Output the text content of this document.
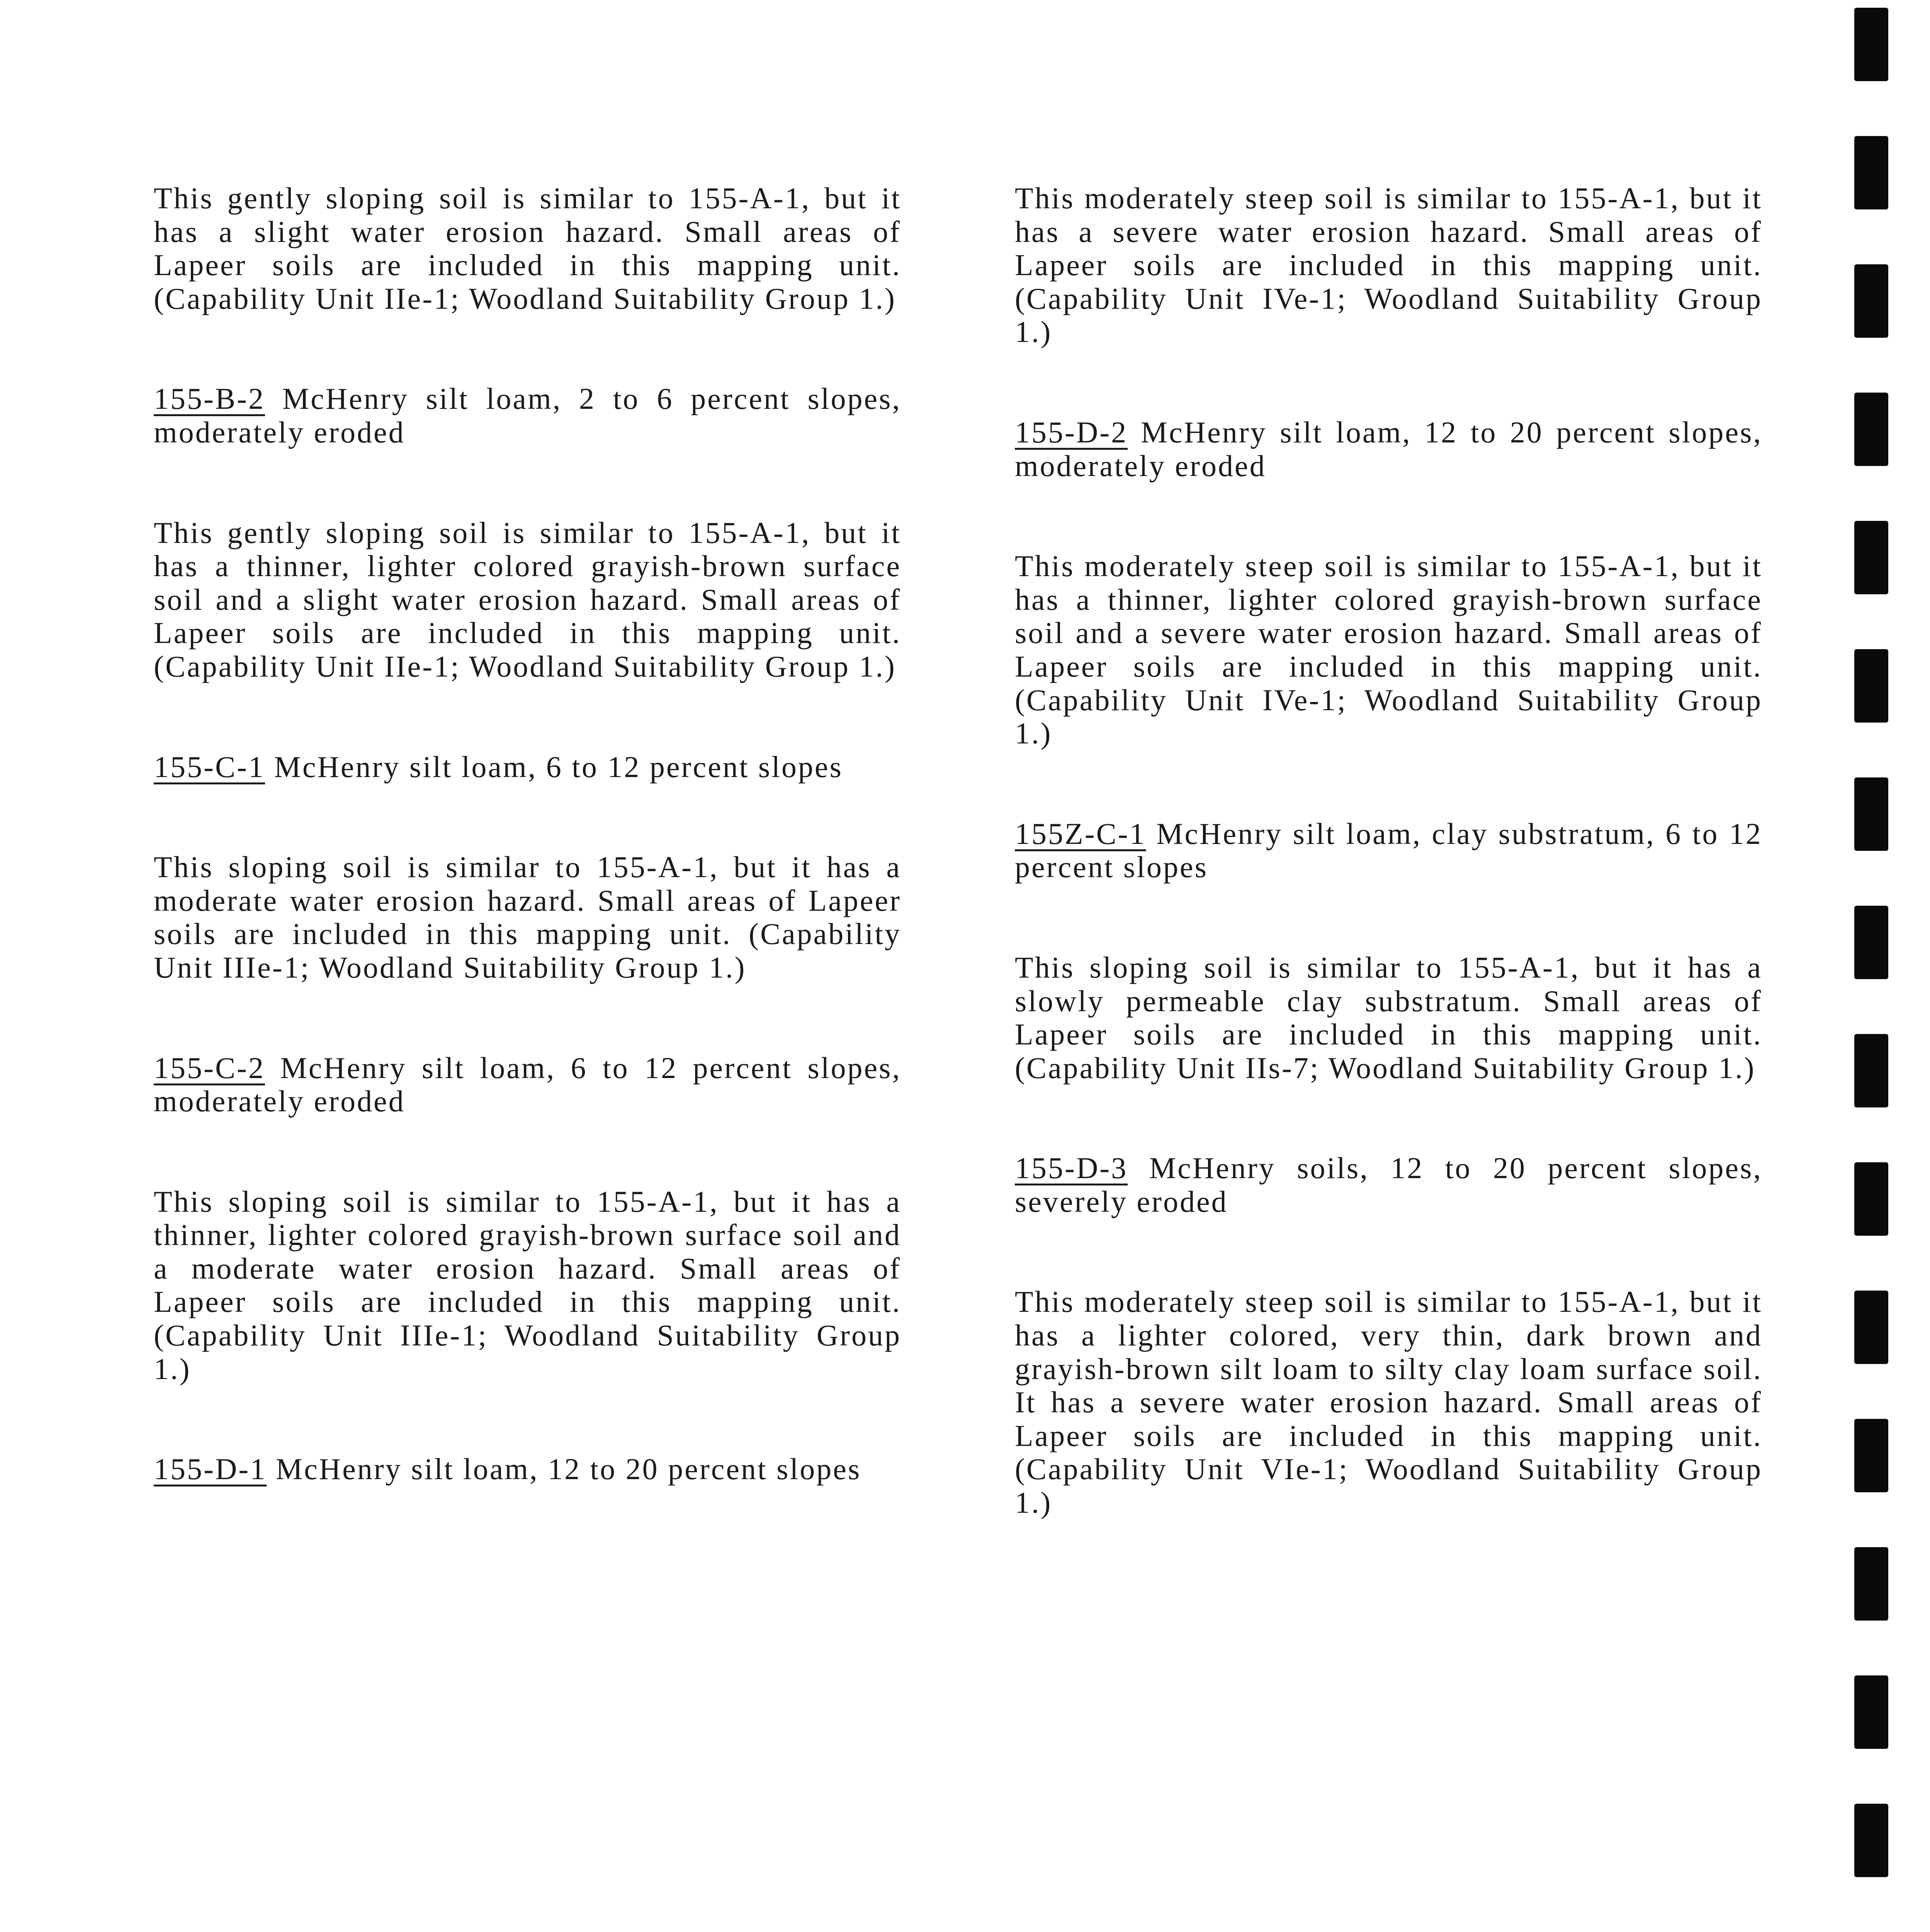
This gently sloping soil is similar to 155-A-1, but it has a slight water erosion hazard. Small areas of Lapeer soils are included in this mapping unit. (Capability Unit IIe-1; Woodland Suitability Group 1.)

155-B-2 McHenry silt loam, 2 to 6 percent slopes, moderately eroded

This gently sloping soil is similar to 155-A-1, but it has a thinner, lighter colored grayish-brown surface soil and a slight water erosion hazard. Small areas of Lapeer soils are included in this mapping unit. (Capability Unit IIe-1; Woodland Suitability Group 1.)

155-C-1 McHenry silt loam, 6 to 12 percent slopes

This sloping soil is similar to 155-A-1, but it has a moderate water erosion hazard. Small areas of Lapeer soils are included in this mapping unit. (Capability Unit IIIe-1; Woodland Suitability Group 1.)

155-C-2 McHenry silt loam, 6 to 12 percent slopes, moderately eroded

This sloping soil is similar to 155-A-1, but it has a thinner, lighter colored grayish-brown surface soil and a moderate water erosion hazard. Small areas of Lapeer soils are included in this mapping unit. (Capability Unit IIIe-1; Woodland Suitability Group 1.)

155-D-1 McHenry silt loam, 12 to 20 percent slopes

This moderately steep soil is similar to 155-A-1, but it has a severe water erosion hazard. Small areas of Lapeer soils are included in this mapping unit. (Capability Unit IVe-1; Woodland Suitability Group 1.)

155-D-2 McHenry silt loam, 12 to 20 percent slopes, moderately eroded

This moderately steep soil is similar to 155-A-1, but it has a thinner, lighter colored grayish-brown surface soil and a severe water erosion hazard. Small areas of Lapeer soils are included in this mapping unit. (Capability Unit IVe-1; Woodland Suitability Group 1.)

155Z-C-1 McHenry silt loam, clay substratum, 6 to 12 percent slopes

This sloping soil is similar to 155-A-1, but it has a slowly permeable clay substratum. Small areas of Lapeer soils are included in this mapping unit. (Capability Unit IIs-7; Woodland Suitability Group 1.)

155-D-3 McHenry soils, 12 to 20 percent slopes, severely eroded

This moderately steep soil is similar to 155-A-1, but it has a lighter colored, very thin, dark brown and grayish-brown silt loam to silty clay loam surface soil. It has a severe water erosion hazard. Small areas of Lapeer soils are included in this mapping unit. (Capability Unit VIe-1; Woodland Suitability Group 1.)
